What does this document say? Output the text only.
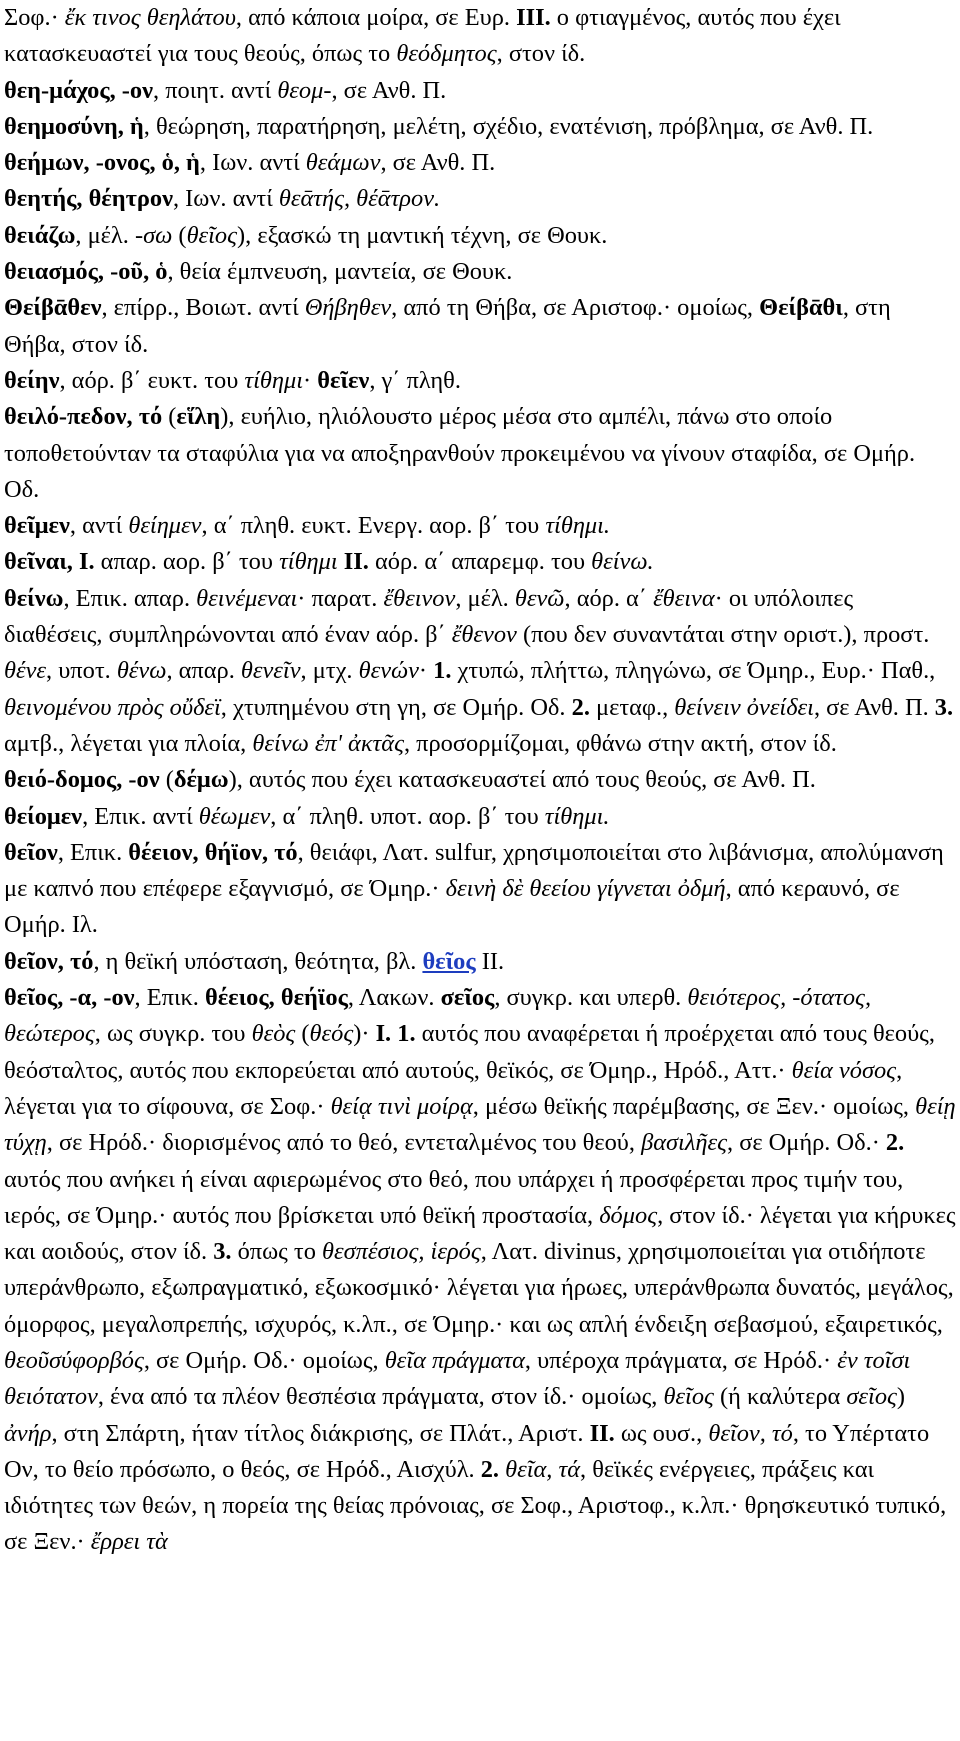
Σοφ.· ἔκ τινος θεηλάτου, από κάποια μοίρα, σε Ευρ. III. ο φτιαγμένος, αυτός που έχει κατασκευαστεί για τους θεούς, όπως το θεόδμητος, στον ίδ.

θεη-μάχος, -ον, ποιητ. αντί θεομ-, σε Ανθ. Π.

θεημοσύνη, ἡ, θεώρηση, παρατήρηση, μελέτη, σχέδιο, ενατένιση, πρόβλημα, σε Ανθ. Π.

θεήμων, -ονος, ὁ, ἡ, Ιων. αντί θεάμων, σε Ανθ. Π.

θεητής, θέητρον, Ιων. αντί θεᾱτής, θέᾱτρον.

θειάζω, μέλ. -σω (θεῖος), εξασκώ τη μαντική τέχνη, σε Θουκ.

θειασμός, -οῦ, ὁ, θεία έμπνευση, μαντεία, σε Θουκ.

Θείβᾱθεν, επίρρ., Βοιωτ. αντί Θήβηθεν, από τη Θήβα, σε Αριστοφ.· ομοίως, Θείβᾱθι, στη Θήβα, στον ίδ.

θείην, αόρ. β΄ ευκτ. του τίθημι· θεῖεν, γ΄ πληθ.

θειλό-πεδον, τό (εἵλη), ευήλιο, ηλιόλουστο μέρος μέσα στο αμπέλι, πάνω στο οποίο τοποθετούνταν τα σταφύλια για να αποξηρανθούν προκειμένου να γίνουν σταφίδα, σε Ομήρ. Οδ.

θεῖμεν, αντί θείημεν, α΄ πληθ. ευκτ. Ενεργ. αορ. β΄ του τίθημι.

θεῖναι, I. απαρ. αορ. β΄ του τίθημι II. αόρ. α΄ απαρεμφ. του θείνω.

θείνω, Επικ. απαρ. θεινέμεναι· παρατ. ἔθεινον, μέλ. θενῶ, αόρ. α΄ ἔθεινα· οι υπόλοιπες διαθέσεις, συμπληρώνονται από έναν αόρ. β΄ ἔθενον (που δεν συναντάται στην οριστ.), προστ. θένε, υποτ. θένω, απαρ. θενεῖν, μτχ. θενών· 1. χτυπώ, πλήττω, πληγώνω, σε Όμηρ., Ευρ.· Παθ., θεινομένου πρὸς οὔδεϊ, χτυπημένου στη γη, σε Ομήρ. Οδ. 2. μεταφ., θείνειν ὀνείδει, σε Ανθ. Π. 3. αμτβ., λέγεται για πλοία, θείνω ἐπ' ἀκτᾶς, προσορμίζομαι, φθάνω στην ακτή, στον ίδ.

θειό-δομος, -ον (δέμω), αυτός που έχει κατασκευαστεί από τους θεούς, σε Ανθ. Π.

θείομεν, Επικ. αντί θέωμεν, α΄ πληθ. υποτ. αορ. β΄ του τίθημι.

θεῖον, Επικ. θέειον, θήϊον, τό, θειάφι, Λατ. sulfur, χρησιμοποιείται στο λιβάνισμα, απολύμανση με καπνό που επέφερε εξαγνισμό, σε Όμηρ.· δεινὴ δὲ θεείου γίγνεται ὀδμή, από κεραυνό, σε Ομήρ. Ιλ.

θεῖον, τό, η θεϊκή υπόσταση, θεότητα, βλ. θεῖος II.

θεῖος, -α, -ον, Επικ. θέειος, θεήϊος, Λακων. σεῖος, συγκρ. και υπερθ. θειότερος, -ότατος, θεώτερος, ως συγκρ. του θεὸς (θεός)· I. 1. αυτός που αναφέρεται ή προέρχεται από τους θεούς, θεόσταλτος, αυτός που εκπορεύεται από αυτούς, θεϊκός, σε Όμηρ., Ηρόδ., Αττ.· θεία νόσος, λέγεται για το σίφουνα, σε Σοφ.· θείᾳ τινὶ μοίρᾳ, μέσω θεϊκής παρέμβασης, σε Ξεν.· ομοίως, θείῃ τύχῃ, σε Ηρόδ.· διορισμένος από το θεό, εντεταλμένος του θεού, βασιλῆες, σε Ομήρ. Οδ.· 2. αυτός που ανήκει ή είναι αφιερωμένος στο θεό, που υπάρχει ή προσφέρεται προς τιμήν του, ιερός, σε Όμηρ.· αυτός που βρίσκεται υπό θεϊκή προστασία, δόμος, στον ίδ.· λέγεται για κήρυκες και αοιδούς, στον ίδ. 3. όπως το θεσπέσιος, ἱερός, Λατ. divinus, χρησιμοποιείται για οτιδήποτε υπεράνθρωπο, εξωπραγματικό, εξωκοσμικό· λέγεται για ήρωες, υπεράνθρωπα δυνατός, μεγάλος, όμορφος, μεγαλοπρεπής, ισχυρός, κ.λπ., σε Όμηρ.· και ως απλή ένδειξη σεβασμού, εξαιρετικός, θεοῦσύφορβός, σε Ομήρ. Οδ.· ομοίως, θεῖα πράγματα, υπέροχα πράγματα, σε Ηρόδ.· ἐν τοῖσι θειότατον, ένα από τα πλέον θεσπέσια πράγματα, στον ίδ.· ομοίως, θεῖος (ή καλύτερα σεῖος) ἀνήρ, στη Σπάρτη, ήταν τίτλος διάκρισης, σε Πλάτ., Αριστ. II. ως ουσ., θεῖον, τό, το Υπέρτατο Ον, το θείο πρόσωπο, ο θεός, σε Ηρόδ., Αισχύλ. 2. θεῖα, τά, θεϊκές ενέργειες, πράξεις και ιδιότητες των θεών, η πορεία της θείας πρόνοιας, σε Σοφ., Αριστοφ., κ.λπ.· θρησκευτικό τυπικό, σε Ξεν.· ἔρρει τὰ
